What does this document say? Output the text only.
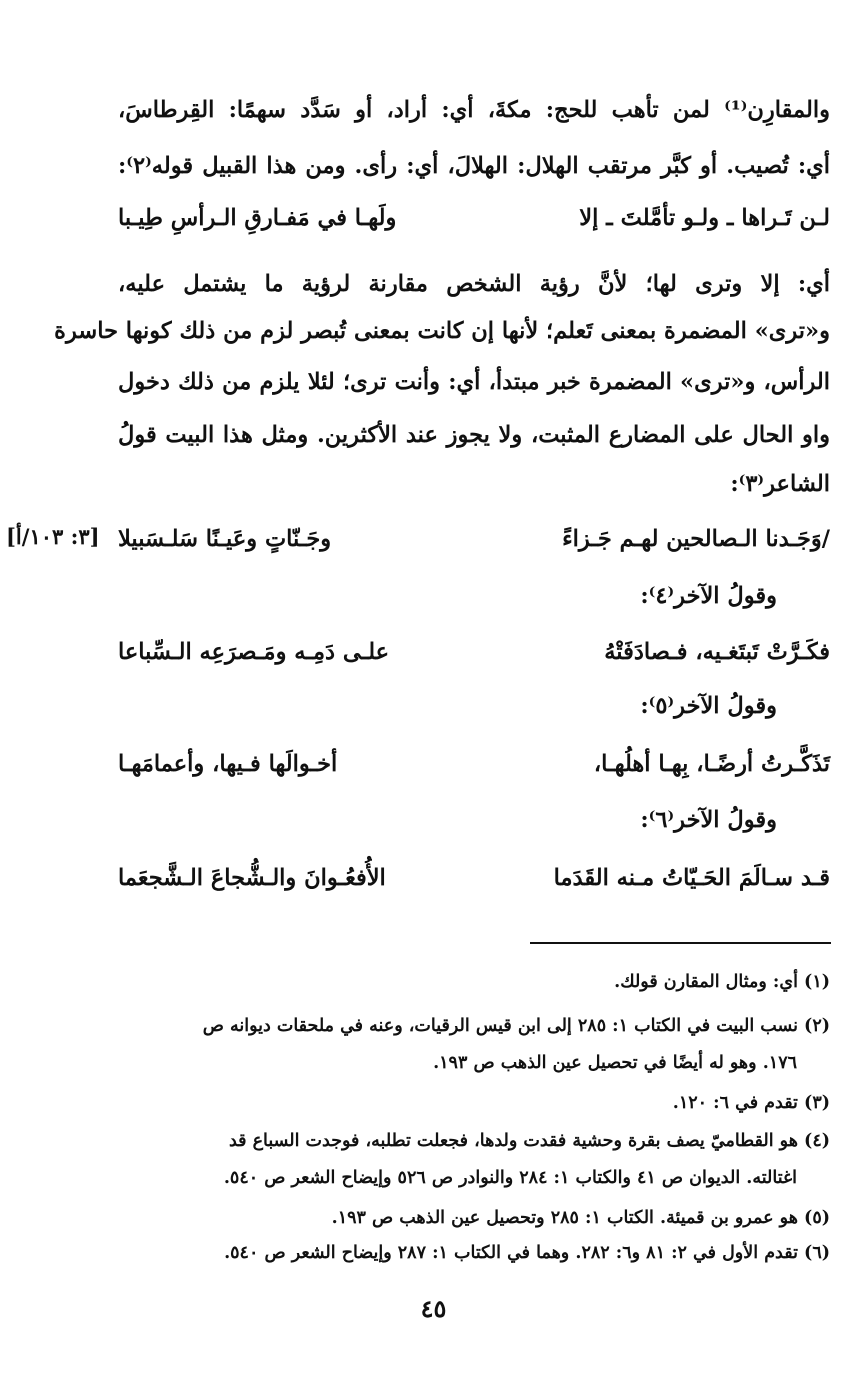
والمقارِن⁽¹⁾ لمن تأهب للحج: مكةَ، أي: أراد، أو سَدَّد سهمًا: القِرطاسَ،
أي: تُصيب. أو كبَّر مرتقب الهلال: الهلالَ، أي: رأى. ومن هذا القبيل قوله⁽٢⁾:
لـن تَـراها ـ ولـو تأمَّلتَ ـ إلا
ولَهـا في مَفـارقِ الـرأسِ طِيـبا
أي: إلا وترى لها؛ لأنَّ رؤية الشخص مقارنة لرؤية ما يشتمل عليه،
و«ترى» المضمرة بمعنى تَعلم؛ لأنها إن كانت بمعنى تُبصر لزم من ذلك كونها حاسرة
الرأس، و«ترى» المضمرة خبر مبتدأ، أي: وأنت ترى؛ لئلا يلزم من ذلك دخول
واو الحال على المضارع المثبت، ولا يجوز عند الأكثرين. ومثل هذا البيت قولُ
الشاعر⁽٣⁾:
/وَجَـدنا الـصالحين لهـم جَـزاءً
وجَـنّاتٍ وعَيـنًا سَلـسَبيلا
[٣: ١٠٣/أ]
وقولُ الآخر⁽٤⁾:
فكَـرَّتْ تَبتَغـيه، فـصادَفَتْهُ
علـى دَمِـه ومَـصرَعِه الـسِّباعا
وقولُ الآخر⁽٥⁾:
تَذَكَّـرتُ أرضًـا، بِهـا أهلُهـا،
أخـوالَها فـيها، وأعمامَهـا
وقولُ الآخر⁽٦⁾:
قـد سـالَمَ الحَـيّاتُ مـنه القَدَما
الأُفعُـوانَ والـشُّجاعَ الـشَّجعَما
(١) أي: ومثال المقارن قولك.
(٢) نسب البيت في الكتاب ١: ٢٨٥ إلى ابن قيس الرقيات، وعنه في ملحقات ديوانه ص
١٧٦. وهو له أيضًا في تحصيل عين الذهب ص ١٩٣.
(٣) تقدم في ٦: ١٢٠.
(٤) هو القطاميّ يصف بقرة وحشية فقدت ولدها، فجعلت تطلبه، فوجدت السباع قد
اغتالته. الديوان ص ٤١ والكتاب ١: ٢٨٤ والنوادر ص ٥٢٦ وإيضاح الشعر ص ٥٤٠.
(٥) هو عمرو بن قميئة. الكتاب ١: ٢٨٥ وتحصيل عين الذهب ص ١٩٣.
(٦) تقدم الأول في ٢: ٨١ و٦: ٢٨٢. وهما في الكتاب ١: ٢٨٧ وإيضاح الشعر ص ٥٤٠.
٤٥
